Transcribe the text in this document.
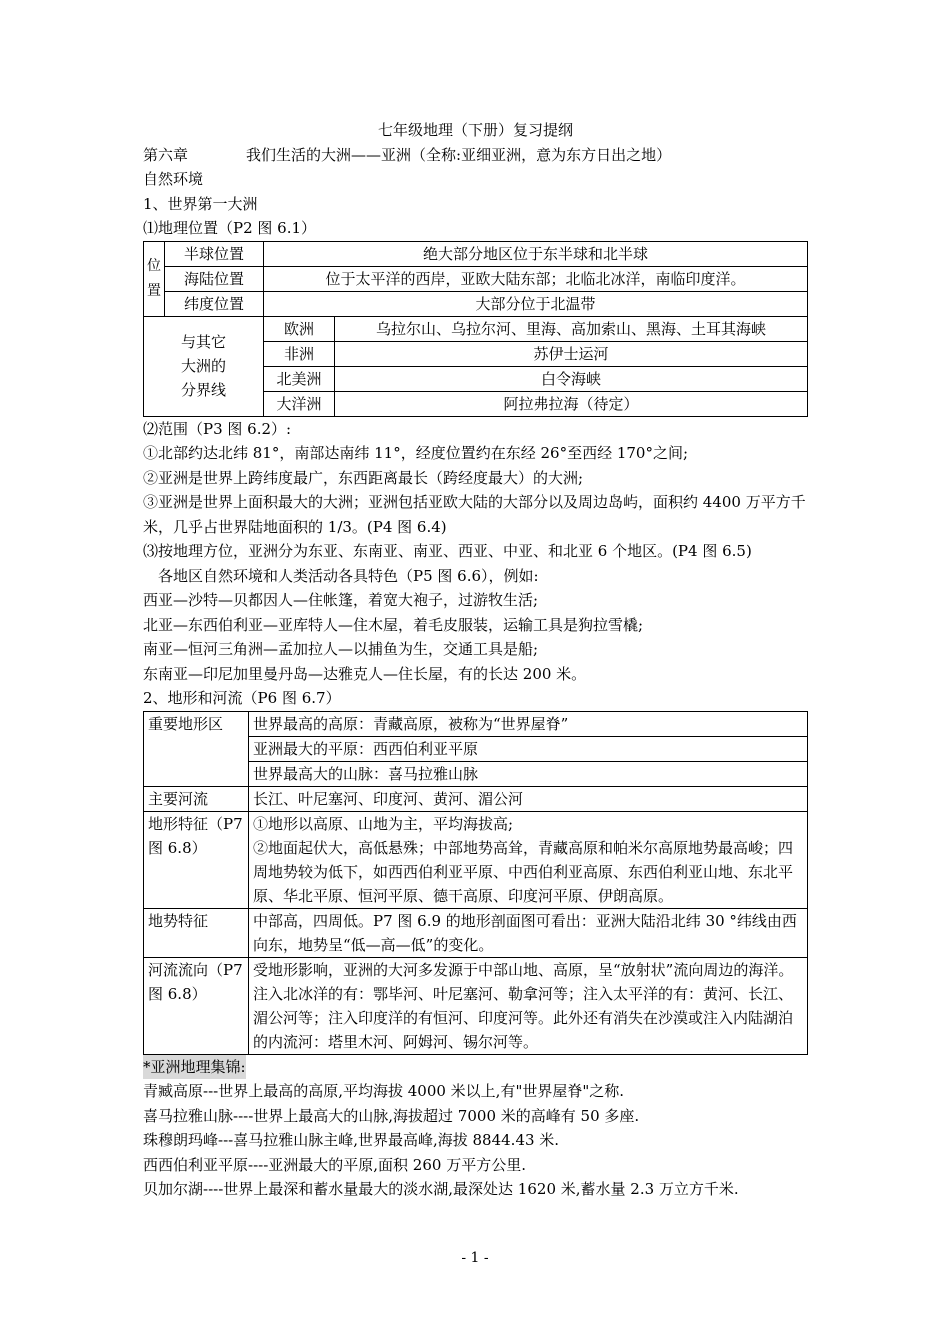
七年级地理（下册）复习提纲

第六章	我们生活的大洲——亚洲（全称:亚细亚洲，意为东方日出之地）

自然环境

1、世界第一大洲

⑴地理位置（P2 图 6.1）

位
置	半球位置	绝大部分地区位于东半球和北半球	
	海陆位置	位于太平洋的西岸，亚欧大陆东部；北临北冰洋，南临印度洋。	
	纬度位置	大部分位于北温带	
与其它大洲的分界线		欧洲	乌拉尔山、乌拉尔河、里海、高加索山、黑海、土耳其海峡
		非洲	苏伊士运河
		北美洲	白令海峡
		大洋洲	阿拉弗拉海（待定）

⑵范围（P3 图 6.2）:

①北部约达北纬 81°，南部达南纬 11°，经度位置约在东经 26°至西经 170°之间;

②亚洲是世界上跨纬度最广，东西距离最长（跨经度最大）的大洲;

③亚洲是世界上面积最大的大洲；亚洲包括亚欧大陆的大部分以及周边岛屿，面积约 4400 万平方千米，几乎占世界陆地面积的 1/3。(P4 图 6.4)

⑶按地理方位，亚洲分为东亚、东南亚、南亚、西亚、中亚、和北亚 6 个地区。(P4 图 6.5)

各地区自然环境和人类活动各具特色（P5 图 6.6），例如:

西亚—沙特—贝都因人—住帐篷，着宽大袍子，过游牧生活;

北亚—东西伯利亚—亚库特人—住木屋，着毛皮服装，运输工具是狗拉雪橇;

南亚—恒河三角洲—孟加拉人—以捕鱼为生，交通工具是船;

东南亚—印尼加里曼丹岛—达雅克人—住长屋，有的长达 200 米。

2、地形和河流（P6 图 6.7）

重要地形区	世界最高的高原：青藏高原，被称为“世界屋脊”
	亚洲最大的平原：西西伯利亚平原
	世界最高大的山脉：喜马拉雅山脉
主要河流	长江、叶尼塞河、印度河、黄河、湄公河
地形特征（P7 图 6.8）	①地形以高原、山地为主，平均海拔高;
②地面起伏大，高低悬殊；中部地势高耸，青藏高原和帕米尔高原地势最高峻；四周地势较为低下，如西西伯利亚平原、中西伯利亚高原、东西伯利亚山地、东北平原、华北平原、恒河平原、德干高原、印度河平原、伊朗高原。
地势特征	中部高，四周低。P7 图 6.9 的地形剖面图可看出：亚洲大陆沿北纬 30 °纬线由西向东，地势呈“低—高—低”的变化。
河流流向（P7 图 6.8）	受地形影响，亚洲的大河多发源于中部山地、高原，呈“放射状”流向周边的海洋。注入北冰洋的有：鄂毕河、叶尼塞河、勒拿河等；注入太平洋的有：黄河、长江、湄公河等；注入印度洋的有恒河、印度河等。此外还有消失在沙漠或注入内陆湖泊的内流河：塔里木河、阿姆河、锡尔河等。

*亚洲地理集锦:

青臧高原---世界上最高的高原,平均海拔 4000 米以上,有"世界屋脊"之称.

喜马拉雅山脉----世界上最高大的山脉,海拔超过 7000 米的高峰有 50 多座.

珠穆朗玛峰---喜马拉雅山脉主峰,世界最高峰,海拔 8844.43 米.

西西伯利亚平原----亚洲最大的平原,面积 260 万平方公里.

贝加尔湖----世界上最深和蓄水量最大的淡水湖,最深处达 1620 米,蓄水量 2.3 万立方千米.

- 1 -
